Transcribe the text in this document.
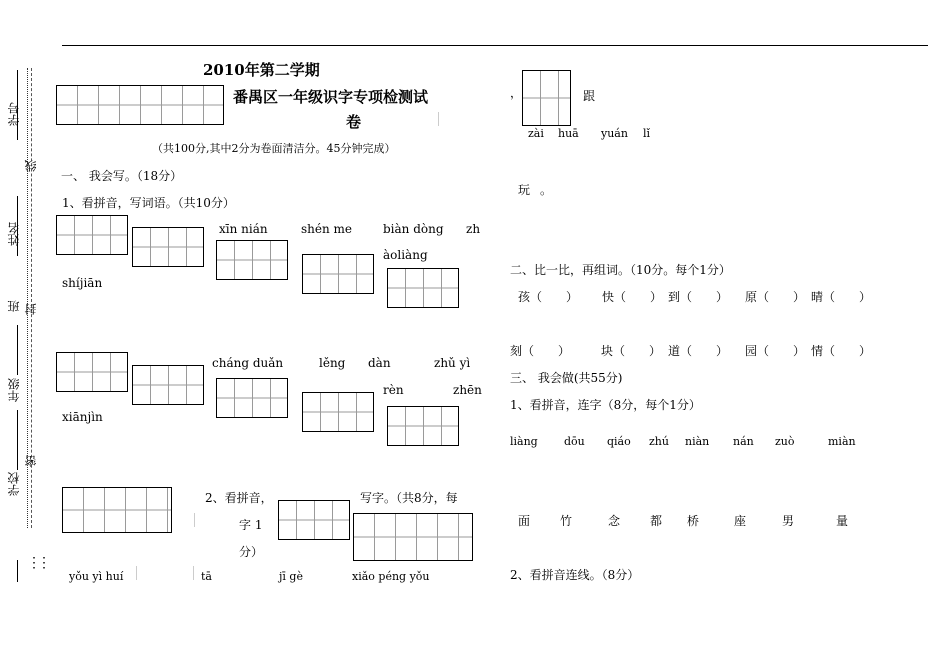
⋮
⋮
学号
线
姓名
班 封
年级
密
学校
2010年第二学期
番禺区一年级识字专项检测试
卷
（共100分,其中2分为卷面清洁分。45分钟完成）
一、 我会写。（18分）
1、看拼音，写词语。（共10分）
xīn nián	shén me	biàn dòng zh
àoliàng
shíjiān
cháng duǎn	lěng dàn	zhǔ yì
rèn	zhēn
xiānjìn
2、看拼音，	写字。（共8分，每
字 1
分）
yǒu yì huí	tā	jī gè	xiǎo péng yǒu
，	跟
zài huā yuán lǐ
玩 。
二、比一比，再组词。（10分。每个1分）
孩（　　） 快（　　） 到（　　） 原（　　） 晴（　　）
刻（　　）	块（　　） 道（　　） 园（　　） 情（　　）
三、 我会做(共55分)
1、看拼音，连字（8分，每个1分）
liàng dōu qiáo zhú niàn nán zuò	miàn
面 竹	念 都 桥	座	男	量
2、看拼音连线。（8分）
